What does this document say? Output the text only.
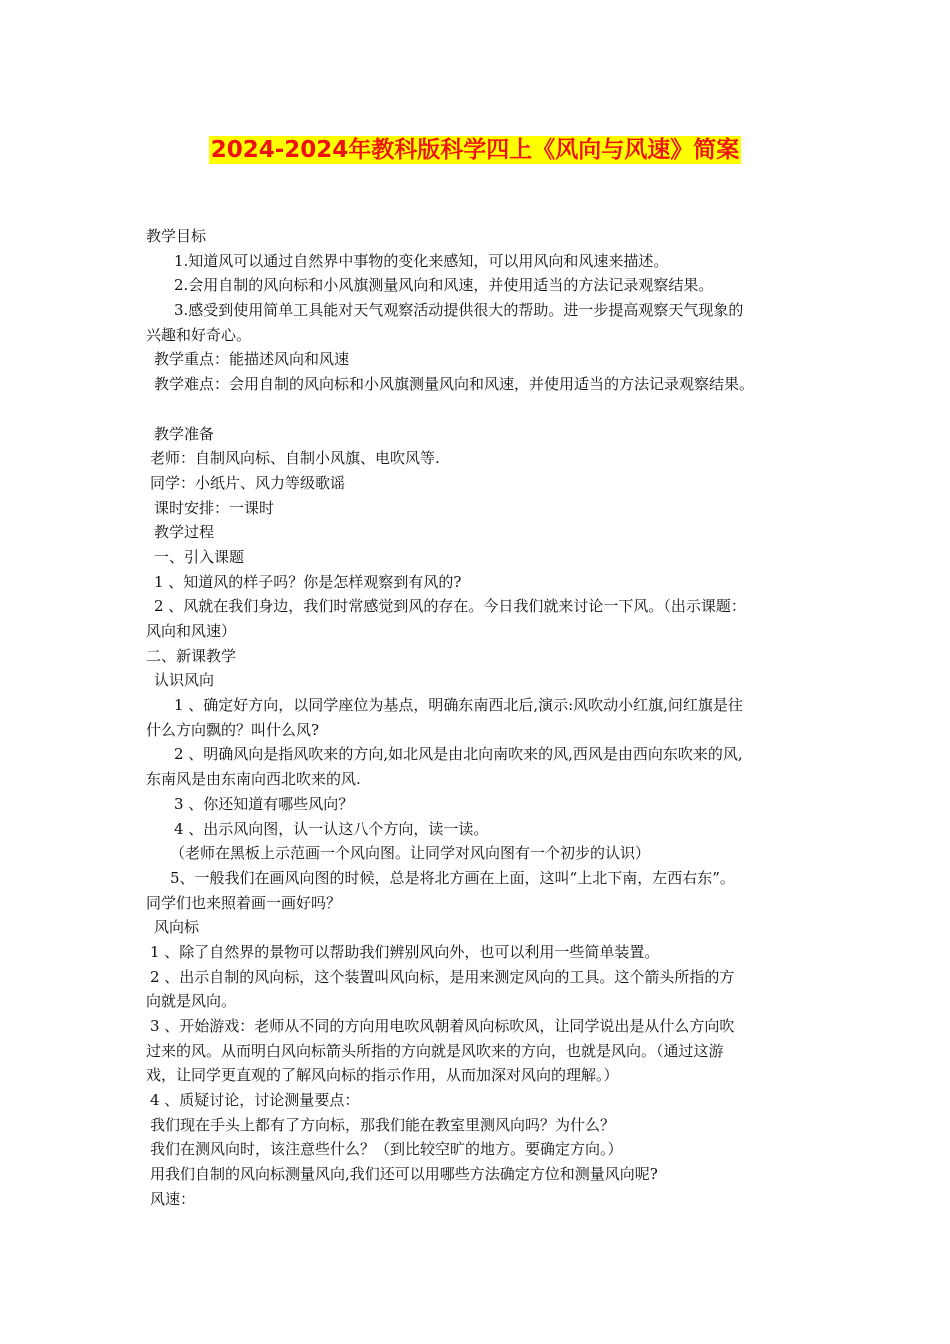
2024-2024年教科版科学四上《风向与风速》简案
教学目标
1.知道风可以通过自然界中事物的变化来感知，可以用风向和风速来描述。
2.会用自制的风向标和小风旗测量风向和风速，并使用适当的方法记录观察结果。
3.感受到使用简单工具能对天气观察活动提供很大的帮助。进一步提高观察天气现象的
兴趣和好奇心。
教学重点：能描述风向和风速
教学难点：会用自制的风向标和小风旗测量风向和风速，并使用适当的方法记录观察结果。
教学准备
老师：自制风向标、自制小风旗、电吹风等.
同学：小纸片、风力等级歌谣
课时安排：一课时
教学过程
一、引入课题
1 、知道风的样子吗？你是怎样观察到有风的?
2 、风就在我们身边，我们时常感觉到风的存在。今日我们就来讨论一下风。（出示课题：
风向和风速）
二、新课教学
认识风向
1 、确定好方向，以同学座位为基点，明确东南西北后,演示:风吹动小红旗,问红旗是往
什么方向飘的？叫什么风?
2 、明确风向是指风吹来的方向,如北风是由北向南吹来的风,西风是由西向东吹来的风,
东南风是由东南向西北吹来的风.
3 、你还知道有哪些风向？
4 、出示风向图，认一认这八个方向，读一读。
（老师在黑板上示范画一个风向图。让同学对风向图有一个初步的认识）
5、一般我们在画风向图的时候，总是将北方画在上面，这叫“上北下南，左西右东”。
同学们也来照着画一画好吗？
风向标
1 、除了自然界的景物可以帮助我们辨别风向外，也可以利用一些简单装置。
2 、出示自制的风向标，这个装置叫风向标，是用来测定风向的工具。这个箭头所指的方
向就是风向。
3 、开始游戏：老师从不同的方向用电吹风朝着风向标吹风，让同学说出是从什么方向吹
过来的风。从而明白风向标箭头所指的方向就是风吹来的方向，也就是风向。（通过这游
戏，让同学更直观的了解风向标的指示作用，从而加深对风向的理解。）
4 、质疑讨论，讨论测量要点：
我们现在手头上都有了方向标，那我们能在教室里测风向吗？为什么？
我们在测风向时，该注意些什么？（到比较空旷的地方。要确定方向。）
用我们自制的风向标测量风向,我们还可以用哪些方法确定方位和测量风向呢?
风速：
